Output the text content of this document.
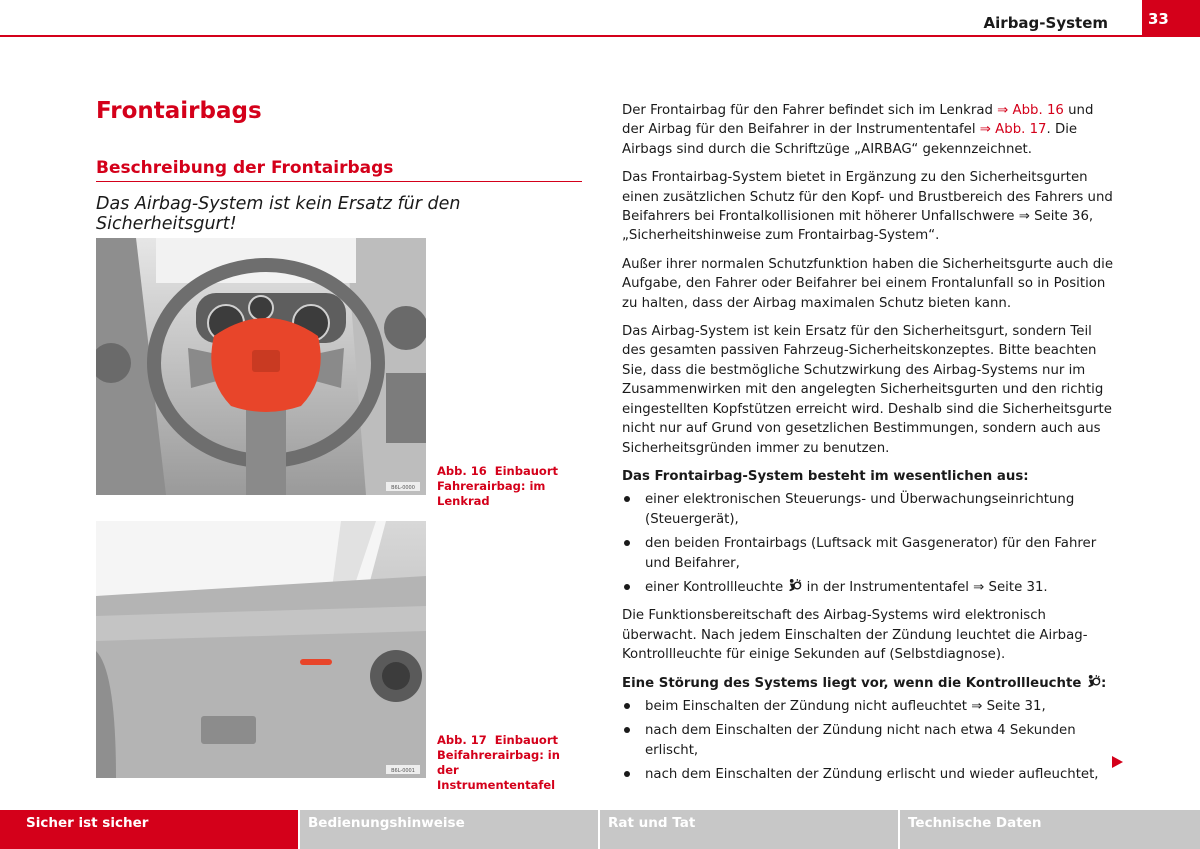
Airbag-System	33
Frontairbags
Beschreibung der Frontairbags
Das Airbag-System ist kein Ersatz für den Sicherheitsgurt!
B6L-0000
Abb. 16 Einbauort Fahrerairbag: im Lenkrad
B6L-0001
Abb. 17 Einbauort Beifahrerairbag: in der Instrumententafel

Der Frontairbag für den Fahrer befindet sich im Lenkrad ⇒ Abb. 16 und der Airbag für den Beifahrer in der Instrumententafel ⇒ Abb. 17. Die Airbags sind durch die Schriftzüge „AIRBAG“ gekennzeichnet.

Das Frontairbag-System bietet in Ergänzung zu den Sicherheitsgurten einen zusätzlichen Schutz für den Kopf- und Brustbereich des Fahrers und Beifahrers bei Frontalkollisionen mit höherer Unfallschwere ⇒ Seite 36, „Sicherheitshinweise zum Frontairbag-System“.

Außer ihrer normalen Schutzfunktion haben die Sicherheitsgurte auch die Aufgabe, den Fahrer oder Beifahrer bei einem Frontalunfall so in Position zu halten, dass der Airbag maximalen Schutz bieten kann.

Das Airbag-System ist kein Ersatz für den Sicherheitsgurt, sondern Teil des gesamten passiven Fahrzeug-Sicherheitskonzeptes. Bitte beachten Sie, dass die bestmögliche Schutzwirkung des Airbag-Systems nur im Zusammenwirken mit den angelegten Sicherheitsgurten und den richtig eingestellten Kopfstützen erreicht wird. Deshalb sind die Sicherheitsgurte nicht nur auf Grund von gesetzlichen Bestimmungen, sondern auch aus Sicherheitsgründen immer zu benutzen.

Das Frontairbag-System besteht im wesentlichen aus:

einer elektronischen Steuerungs- und Überwachungseinrichtung (Steuergerät),
den beiden Frontairbags (Luftsack mit Gasgenerator) für den Fahrer und Beifahrer,
einer Kontrollleuchte  in der Instrumententafel ⇒ Seite 31.

Die Funktionsbereitschaft des Airbag-Systems wird elektronisch überwacht. Nach jedem Einschalten der Zündung leuchtet die Airbag-Kontrollleuchte für einige Sekunden auf (Selbstdiagnose).

Eine Störung des Systems liegt vor, wenn die Kontrollleuchte :

beim Einschalten der Zündung nicht aufleuchtet ⇒ Seite 31,
nach dem Einschalten der Zündung nicht nach etwa 4 Sekunden erlischt,
nach dem Einschalten der Zündung erlischt und wieder aufleuchtet,
Sicher ist sicher	Bedienungshinweise	Rat und Tat	Technische Daten
